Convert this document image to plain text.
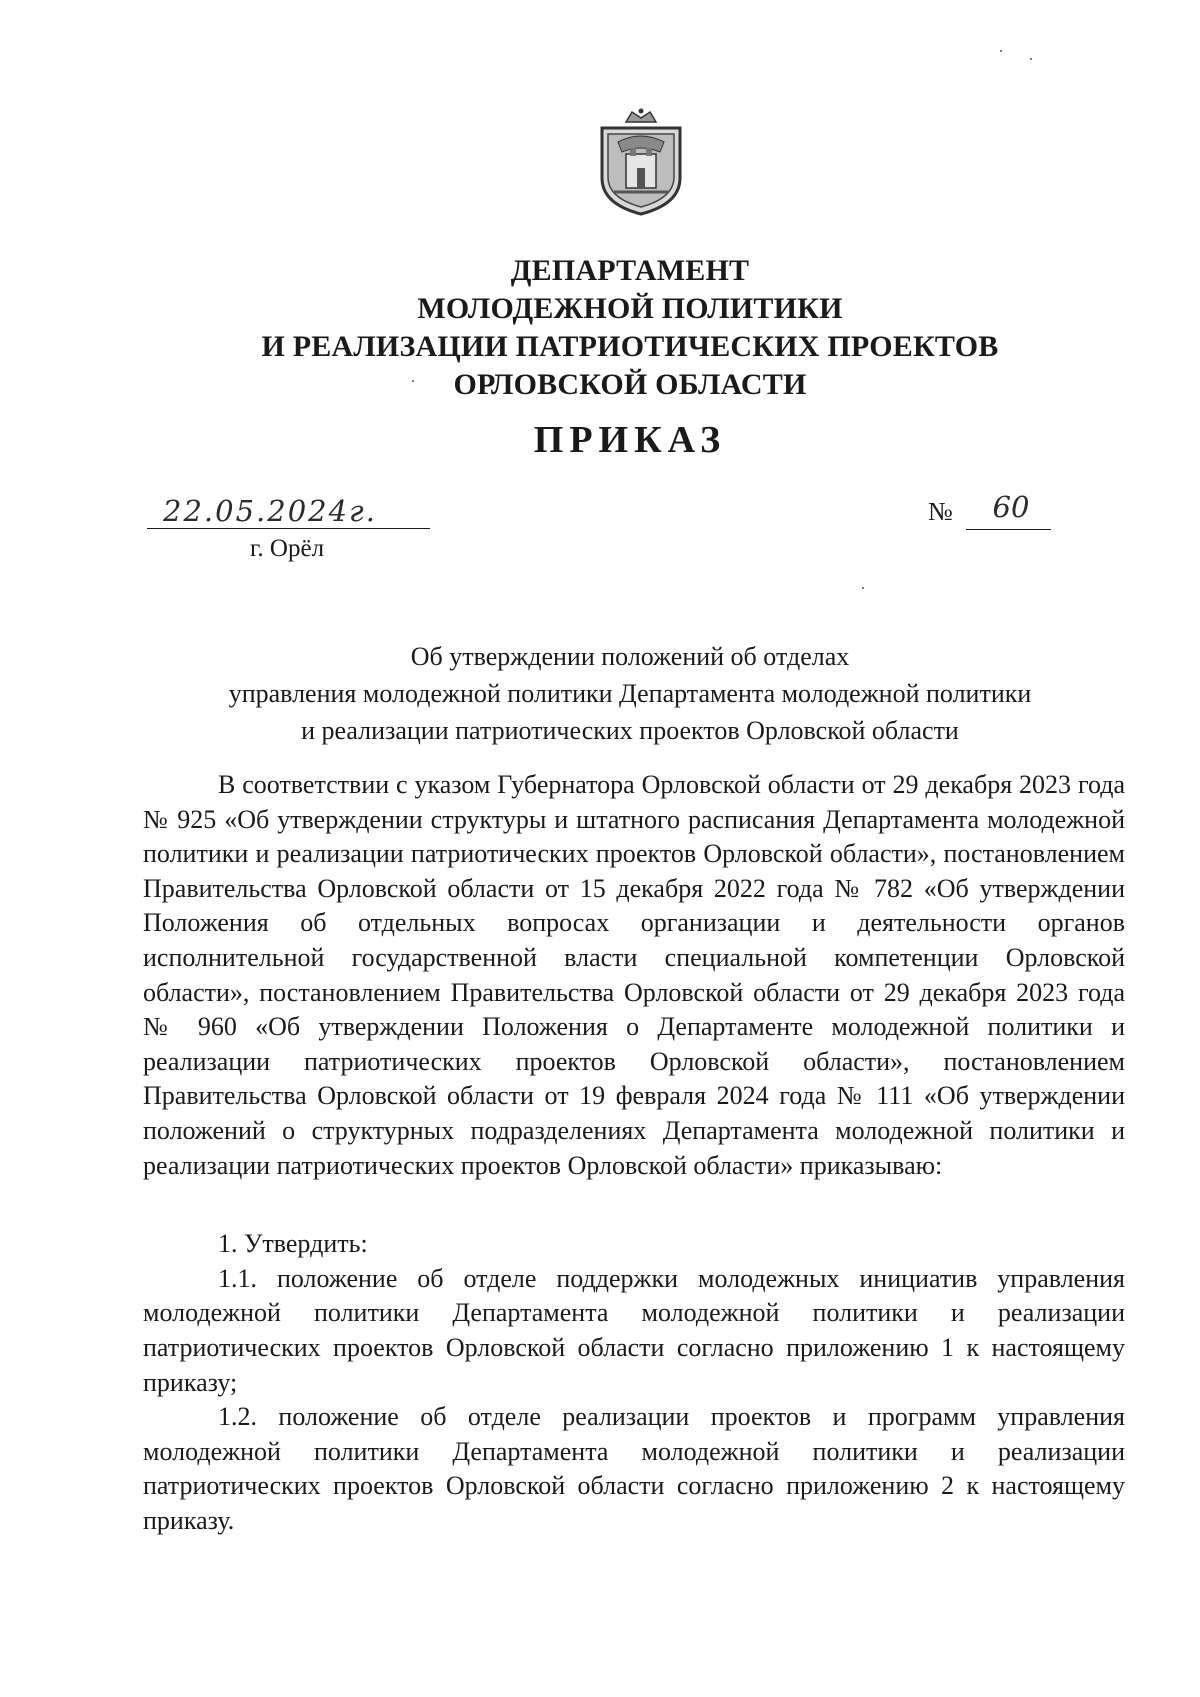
ДЕПАРТАМЕНТ
МОЛОДЕЖНОЙ ПОЛИТИКИ
И РЕАЛИЗАЦИИ ПАТРИОТИЧЕСКИХ ПРОЕКТОВ
ОРЛОВСКОЙ ОБЛАСТИ
ПРИКАЗ
22.05.2024г.
г. Орёл
№	60
Об утверждении положений об отделах
управления молодежной политики Департамента молодежной политики
и реализации патриотических проектов Орловской области

В соответствии с указом Губернатора Орловской области от 29 декабря 2023 года № 925 «Об утверждении структуры и штатного расписания Департамента молодежной политики и реализации патриотических проектов Орловской области», постановлением Правительства Орловской области от 15 декабря 2022 года № 782 «Об утверждении Положения об отдельных вопросах организации и деятельности органов исполнительной государственной власти специальной компетенции Орловской области», постановлением Правительства Орловской области от 29 декабря 2023 года № 960 «Об утверждении Положения о Департаменте молодежной политики и реализации патриотических проектов Орловской области», постановлением Правительства Орловской области от 19 февраля 2024 года № 111 «Об утверждении положений о структурных подразделениях Департамента молодежной политики и реализации патриотических проектов Орловской области» приказываю:

1. Утвердить:

1.1. положение об отделе поддержки молодежных инициатив управления молодежной политики Департамента молодежной политики и реализации патриотических проектов Орловской области согласно приложению 1 к настоящему приказу;

1.2. положение об отделе реализации проектов и программ управления молодежной политики Департамента молодежной политики и реализации патриотических проектов Орловской области согласно приложению 2 к настоящему приказу.
